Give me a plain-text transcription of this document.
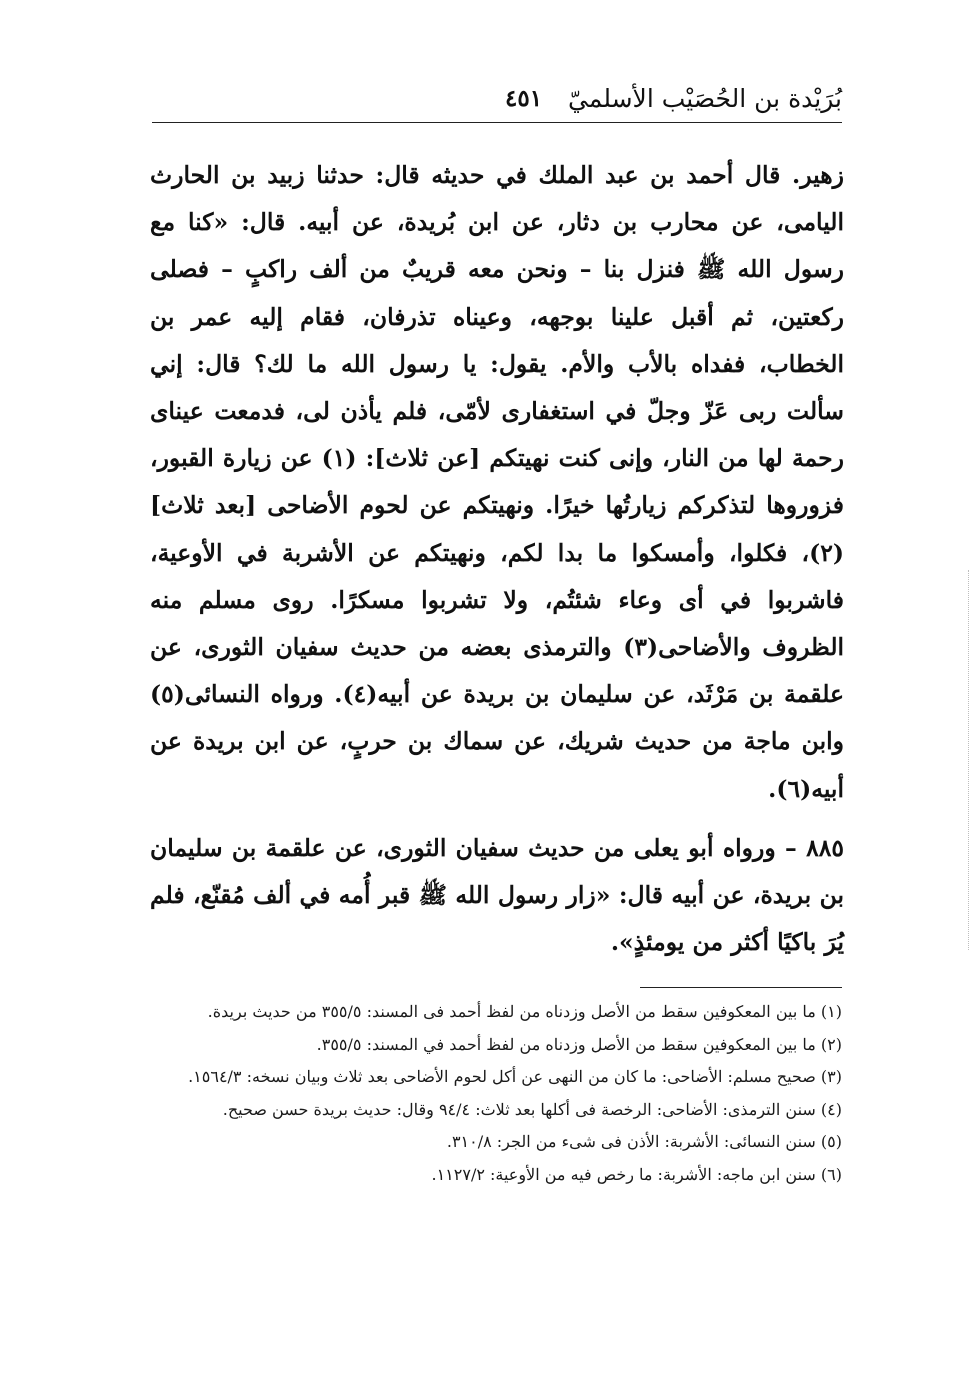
بُرَيْدة بن الحُصَيْب الأسلميّ
٤٥١

زهير. قال أحمد بن عبد الملك في حديثه قال: حدثنا زبيد بن الحارث اليامى، عن محارب بن دثار، عن ابن بُريدة، عن أبيه. قال: «كنا مع رسول الله ﷺ فنزل بنا – ونحن معه قريبٌ من ألف راكبٍ – فصلى ركعتين، ثم أقبل علينا بوجهه، وعيناه تذرفان، فقام إليه عمر بن الخطاب، ففداه بالأب والأم. يقول: يا رسول الله ما لك؟ قال: إني سألت ربى عَزّ وجلّ في استغفارى لأمّى، فلم يأذن لى، فدمعت عيناى رحمة لها من النار، وإنى كنت نهيتكم [عن ثلاث]: (١) عن زيارة القبور، فزوروها لتذكركم زيارتُها خيرًا. ونهيتكم عن لحوم الأضاحى [بعد ثلاث](٢)، فكلوا، وأمسكوا ما بدا لكم، ونهيتكم عن الأشربة في الأوعية، فاشربوا في أى وعاء شئتُم، ولا تشربوا مسكرًا. روى مسلم منه الظروف والأضاحى(٣) والترمذى بعضه من حديث سفيان الثورى، عن علقمة بن مَرْثَد، عن سليمان بن بريدة عن أبيه(٤). ورواه النسائى(٥) وابن ماجة من حديث شريك، عن سماك بن حربٍ، عن ابن بريدة عن أبيه(٦).

٨٨٥ – ورواه أبو يعلى من حديث سفيان الثورى، عن علقمة بن سليمان بن بريدة، عن أبيه قال: «زار رسول الله ﷺ قبر أُمه في ألف مُقنّع، فلم يُرَ باكيًا أكثر من يومئذٍ».

(١) ما بين المعكوفين سقط من الأصل وزدناه من لفظ أحمد فى المسند: ٣٥٥/٥ من حديث بريدة.

(٢) ما بين المعكوفين سقط من الأصل وزدناه من لفظ أحمد في المسند: ٣٥٥/٥.

(٣) صحيح مسلم: الأضاحى: ما كان من النهى عن أكل لحوم الأضاحى بعد ثلاث وبيان نسخه: ١٥٦٤/٣.

(٤) سنن الترمذى: الأضاحى: الرخصة فى أكلها بعد ثلاث: ٩٤/٤ وقال: حديث بريدة حسن صحيح.

(٥) سنن النسائى: الأشربة: الأذن فى شىء من الجر: ٣١٠/٨.

(٦) سنن ابن ماجه: الأشربة: ما رخص فيه من الأوعية: ١١٢٧/٢.
